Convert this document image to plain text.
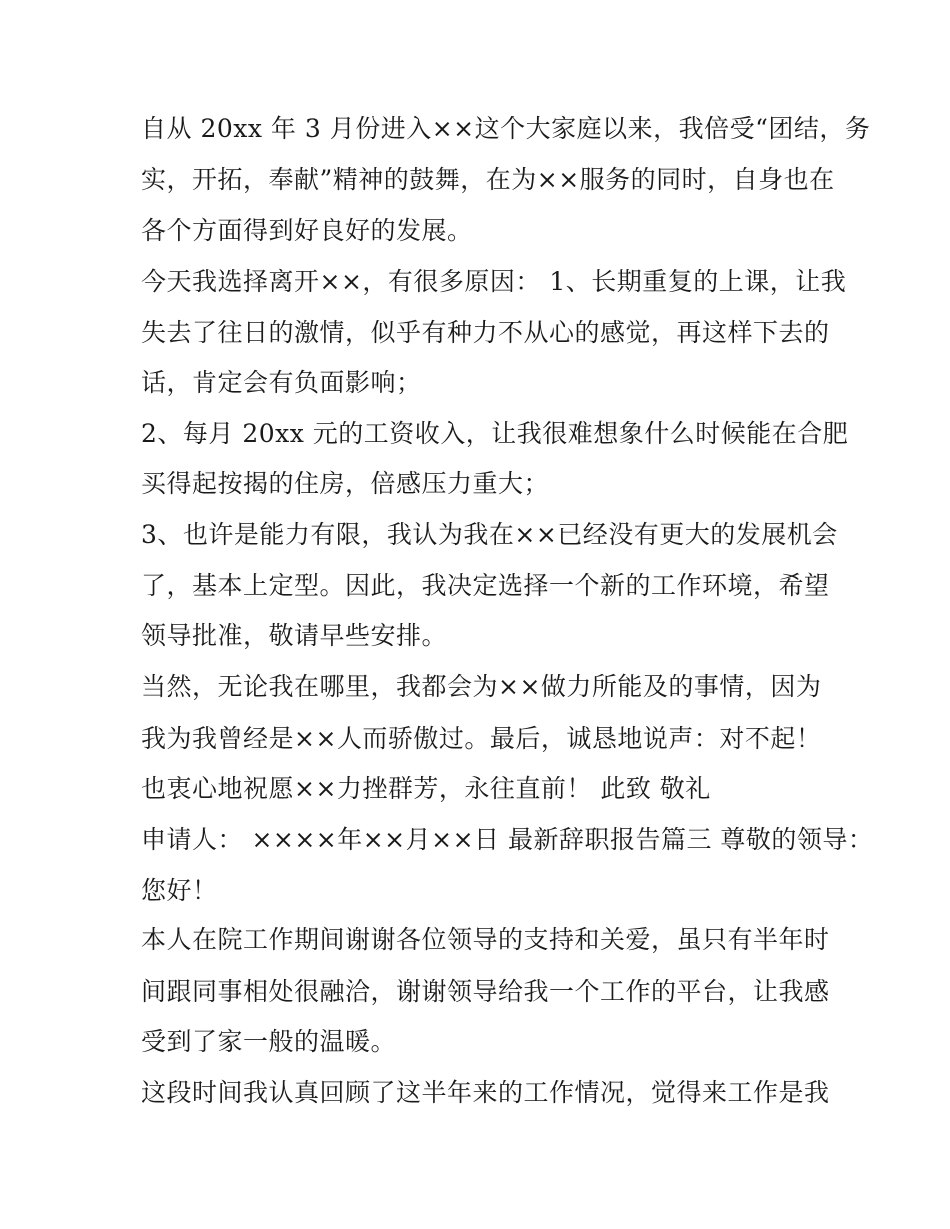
自从 20xx 年 3 月份进入××这个大家庭以来，我倍受“团结，务
实，开拓，奉献”精神的鼓舞，在为××服务的同时，自身也在
各个方面得到好良好的发展。
今天我选择离开××，有很多原因： 1、长期重复的上课，让我
失去了往日的激情，似乎有种力不从心的感觉，再这样下去的
话，肯定会有负面影响；
2、每月 20xx 元的工资收入，让我很难想象什么时候能在合肥
买得起按揭的住房，倍感压力重大；
3、也许是能力有限，我认为我在××已经没有更大的发展机会
了，基本上定型。因此，我决定选择一个新的工作环境，希望
领导批准，敬请早些安排。
当然，无论我在哪里，我都会为××做力所能及的事情，因为
我为我曾经是××人而骄傲过。最后，诚恳地说声：对不起！
也衷心地祝愿××力挫群芳，永往直前！ 此致 敬礼
申请人： ××××年××月××日 最新辞职报告篇三 尊敬的领导：
您好！
本人在院工作期间谢谢各位领导的支持和关爱，虽只有半年时
间跟同事相处很融洽，谢谢领导给我一个工作的平台，让我感
受到了家一般的温暖。
这段时间我认真回顾了这半年来的工作情况，觉得来工作是我
